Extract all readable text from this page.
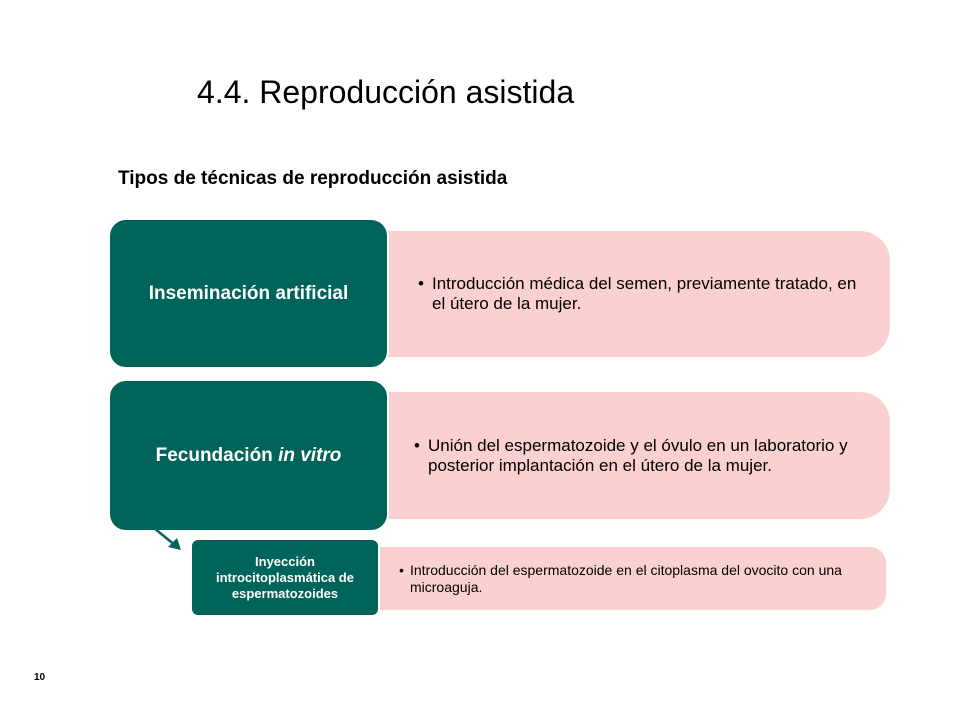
4.4. Reproducción asistida
Tipos de técnicas de reproducción asistida
• Introducción médica del semen, previamente tratado, en el útero de la mujer.
Inseminación artificial
• Unión del espermatozoide y el óvulo en un laboratorio y posterior implantación en el útero de la mujer.
Fecundación in vitro
• Introducción del espermatozoide en el citoplasma del ovocito con una microaguja.
Inyección introcitoplasmática de espermatozoides
10
